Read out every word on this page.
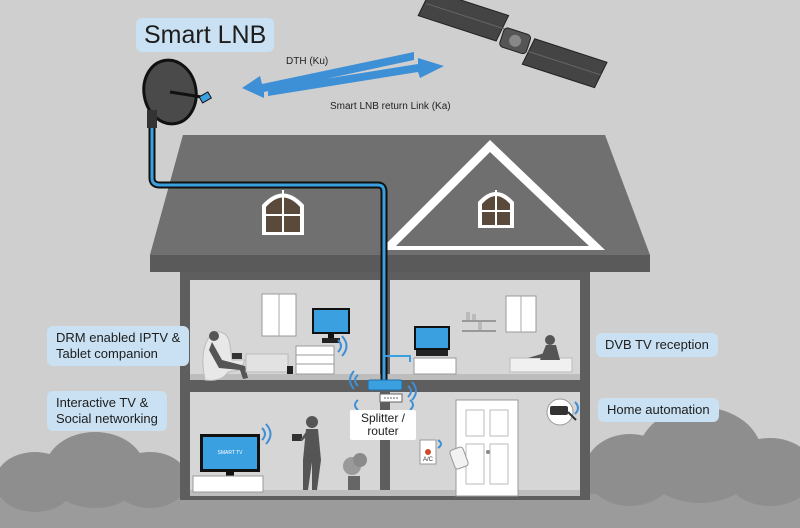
SMART TV
A/C
Smart LNB
DTH (Ku)
Smart LNB return Link (Ka)
DRM enabled IPTV &
Tablet companion
Interactive TV &
Social networking
DVB TV reception
Home automation
Splitter /
router
